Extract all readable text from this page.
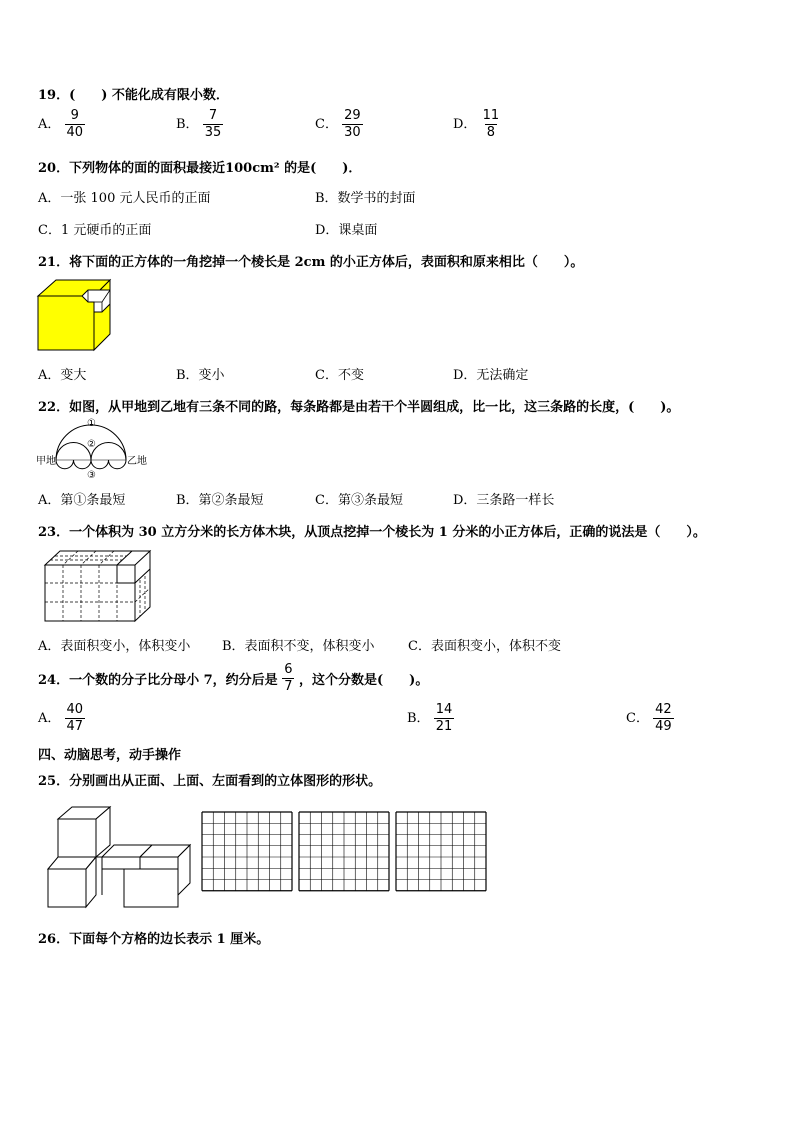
19．(　　) 不能化成有限小数．
A． $\frac{9}{40}$	B． $\frac{7}{35}$	C． $\frac{29}{30}$	D． $\frac{11}{8}$
20．下列物体的面的面积最接近100cm² 的是(　　)．
A．一张 100 元人民币的正面	B．数学书的封面
C．1 元硬币的正面	D．课桌面
21．将下面的正方体的一角挖掉一个棱长是 2cm 的小正方体后，表面积和原来相比（　　）。
A．变大	B．变小	C．不变	D．无法确定
22．如图，从甲地到乙地有三条不同的路，每条路都是由若干个半圆组成，比一比，这三条路的长度，(　　)。
①
②
③
甲地	乙地
A．第①条最短	B．第②条最短	C．第③条最短	D．三条路一样长
23．一个体积为 30 立方分米的长方体木块，从顶点挖掉一个棱长为 1 分米的小正方体后，正确的说法是（　　）。
A．表面积变小，体积变小 B．表面积不变，体积变小	C．表面积变小，体积不变
24．一个数的分子比分母小 7，约分后是 $\frac{6}{7}$ ，这个分数是(　　)。
A． $\frac{40}{47}$	B． $\frac{14}{21}$	C． $\frac{42}{49}$
四、动脑思考，动手操作
25．分别画出从正面、上面、左面看到的立体图形的形状。
26．下面每个方格的边长表示 1 厘米。
